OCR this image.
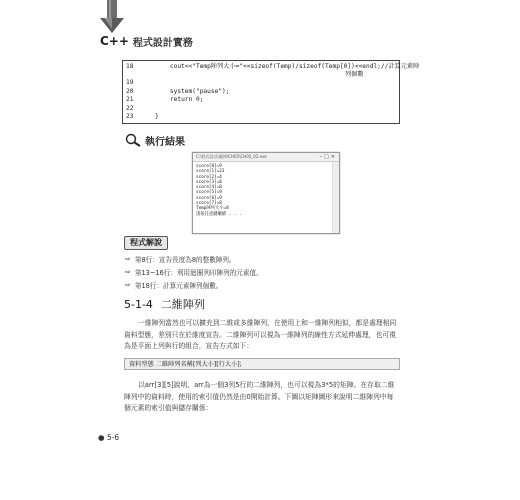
C++ 程式設計實務
18	cout<<"Temp陣列大小="<<sizeof(Temp)/sizeof(Temp[0])<<endl;//計算元素陣
列個數
19
20	system("pause");
21	return 0;
22
23	}
執行結果
C:\程式設計\範例\CH05\CH05_02.exe	–□×
score[0]=9
score[1]=23
score[2]=4
score[3]=8
score[4]=8
score[5]=9
score[6]=9
score[7]=8
Temp陣列大小=8
請按任意鍵繼續 . . .
程式解說
⇨ 第8行：宣告長度為8的整數陣列。
⇨ 第13~16行：利用迴圈列印陣列的元素值。
⇨ 第18行：計算元素陣列個數。
5-1-4 二維陣列
一維陣列當然也可以擴充到二維或多維陣列，在使用上和一維陣列相似，都是處理相同資料型態，差別只在於維度宣告。二維陣列可以視為一維陣列的線性方式延伸處理，也可視為是平面上列與行的組合，宣告方式如下：
資料型態 二維陣列名稱[列大小][行大小];
以arr[3][5]說明，arr為一個3列5行的二維陣列，也可以視為3*5的矩陣。在存取二維陣列中的資料時，使用的索引值仍然是由0開始計算。下圖以矩陣圖形來說明二維陣列中每個元素的索引值與儲存關係：
● 5-6
